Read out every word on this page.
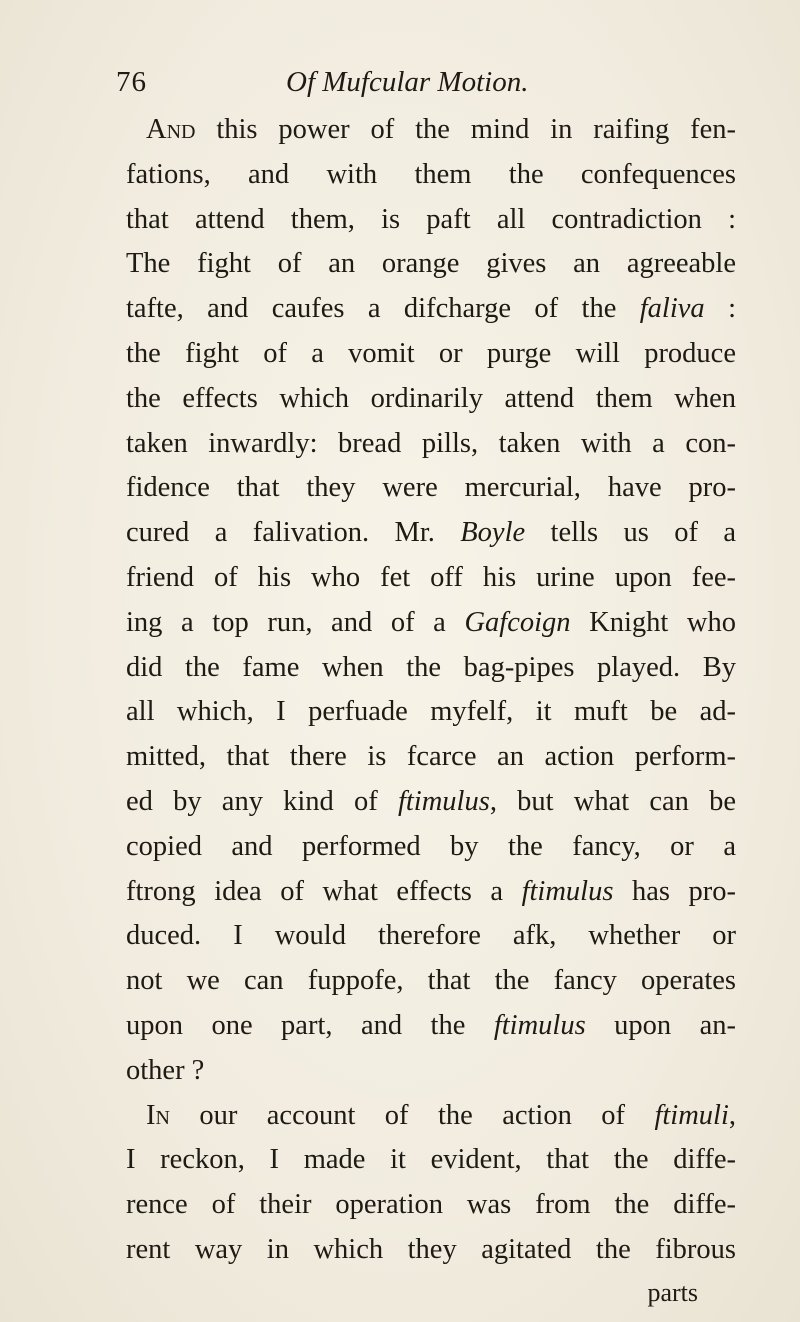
76	Of Mufcular Motion.
And this power of the mind in raifing fen-
fations, and with them the confequences
that attend them, is paft all contradiction :
The fight of an orange gives an agreeable
tafte, and caufes a difcharge of the faliva :
the fight of a vomit or purge will produce
the effects which ordinarily attend them when
taken inwardly: bread pills, taken with a con-
fidence that they were mercurial, have pro-
cured a falivation. Mr. Boyle tells us of a
friend of his who fet off his urine upon fee-
ing a top run, and of a Gafcoign Knight who
did the fame when the bag-pipes played. By
all which, I perfuade myfelf, it muft be ad-
mitted, that there is fcarce an action perform-
ed by any kind of ftimulus, but what can be
copied and performed by the fancy, or a
ftrong idea of what effects a ftimulus has pro-
duced. I would therefore afk, whether or
not we can fuppofe, that the fancy operates
upon one part, and the ftimulus upon an-
other ?
In our account of the action of ftimuli,
I reckon, I made it evident, that the diffe-
rence of their operation was from the diffe-
rent way in which they agitated the fibrous
parts
